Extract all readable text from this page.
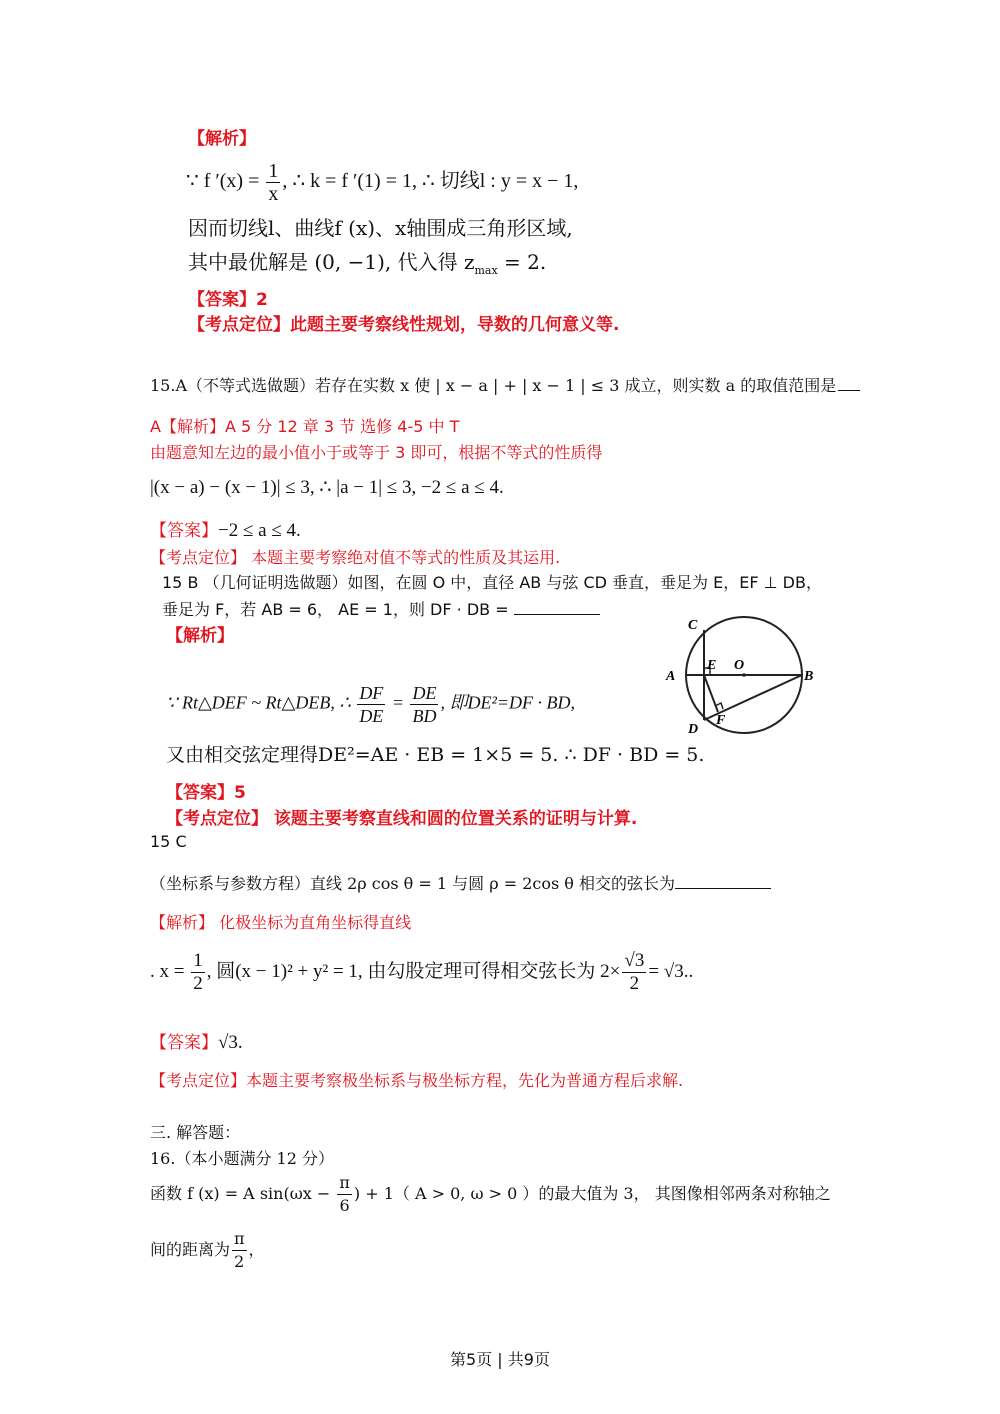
【解析】
∵ f $'(x) = \frac{1}{x}$ , ∴ k = f ′(1) = 1, ∴ 切线l : y = x − 1,
因而切线l、曲线f (x)、x轴围成三角形区域,
其中最优解是 (0, −1), 代入得 $z_{max} = 2$.
【答案】2
【考点定位】此题主要考察线性规划，导数的几何意义等.
15.A（不等式选做题）若存在实数 x 使 | x − a | + | x − 1 | ≤ 3 成立，则实数 a 的取值范围是
A【解析】A 5 分 12 章 3 节 选修 4-5 中 T
由题意知左边的最小值小于或等于 3 即可，根据不等式的性质得
|(x − a) − (x − 1)| ≤ 3, ∴ |a − 1| ≤ 3, −2 ≤ a ≤ 4.
【答案】−2 ≤ a ≤ 4.
【考点定位】 本题主要考察绝对值不等式的性质及其运用.
15 B （几何证明选做题）如图，在圆 O 中，直径 AB 与弦 CD 垂直，垂足为 E，EF ⊥ DB，
垂足为 F，若 AB = 6， AE = 1，则 DF · DB =
【解析】
C
E O
A	B
D
F
∵ Rt△DEF ~ Rt△DEB, ∴ $\frac{DF}{DE} = \frac{DE}{BD}$ , 即DE²=DF · BD,
又由相交弦定理得DE²=AE · EB = 1×5 = 5. ∴ DF · BD = 5.
【答案】5
【考点定位】 该题主要考察直线和圆的位置关系的证明与计算.
15 C
（坐标系与参数方程）直线 2ρ cos θ = 1 与圆 ρ = 2cos θ 相交的弦长为
【解析】 化极坐标为直角坐标得直线
. $x = \frac{1}{2}$ , 圆(x − 1)² + y² = 1, 由勾股定理可得相交弦长为 $2\times \frac{√3}{2} = √3$..
【答案】√3.
【考点定位】本题主要考察极坐标系与极坐标方程，先化为普通方程后求解.
三. 解答题：
16.（本小题满分 12 分）
函数 f (x) = A $\sin(\omega x - \frac{\pi}{6}$ ) + 1（ A > 0, ω > 0 ）的最大值为 3， 其图像相邻两条对称轴之
间的距离为 $\frac{\pi}{2}$ ，
第5页 | 共9页
